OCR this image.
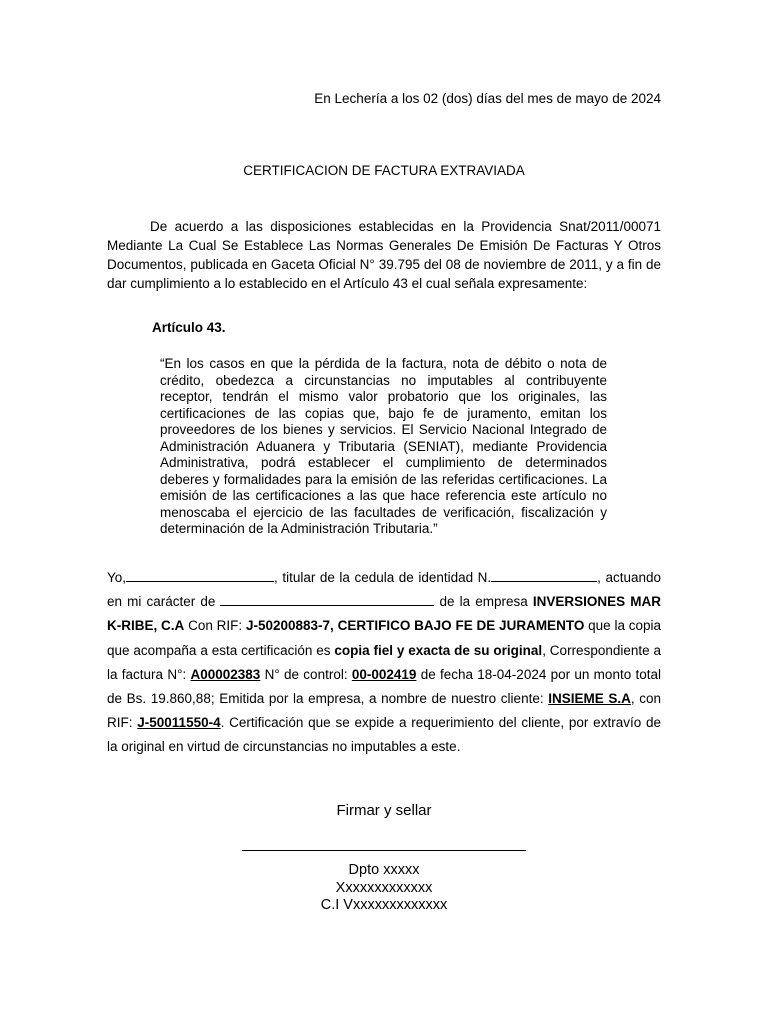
En Lechería a los 02 (dos) días del mes de mayo de 2024
CERTIFICACION DE FACTURA EXTRAVIADA

De acuerdo a las disposiciones establecidas en la Providencia Snat/2011/00071 Mediante La Cual Se Establece Las Normas Generales De Emisión De Facturas Y Otros Documentos, publicada en Gaceta Oficial N° 39.795 del 08 de noviembre de 2011, y a fin de dar cumplimiento a lo establecido en el Artículo 43 el cual señala expresamente:

Artículo 43.

“En los casos en que la pérdida de la factura, nota de débito o nota de crédito, obedezca a circunstancias no imputables al contribuyente receptor, tendrán el mismo valor probatorio que los originales, las certificaciones de las copias que, bajo fe de juramento, emitan los proveedores de los bienes y servicios. El Servicio Nacional Integrado de Administración Aduanera y Tributaria (SENIAT), mediante Providencia Administrativa, podrá establecer el cumplimiento de determinados deberes y formalidades para la emisión de las referidas certificaciones. La emisión de las certificaciones a las que hace referencia este artículo no menoscaba el ejercicio de las facultades de verificación, fiscalización y determinación de la Administración Tributaria.”

Yo,	, titular de la cedula de identidad N.	, actuando en mi carácter de	de la empresa INVERSIONES MAR K-RIBE, C.A Con RIF: J-50200883-7, CERTIFICO BAJO FE DE JURAMENTO que la copia que acompaña a esta certificación es copia fiel y exacta de su original, Correspondiente a la factura N°: A00002383 N° de control: 00-002419 de fecha 18-04-2024 por un monto total de Bs. 19.860,88; Emitida por la empresa, a nombre de nuestro cliente: INSIEME S.A, con RIF: J-50011550-4. Certificación que se expide a requerimiento del cliente, por extravío de la original en virtud de circunstancias no imputables a este.

Firmar y sellar
Dpto xxxxx
Xxxxxxxxxxxxx
C.I Vxxxxxxxxxxxxx
